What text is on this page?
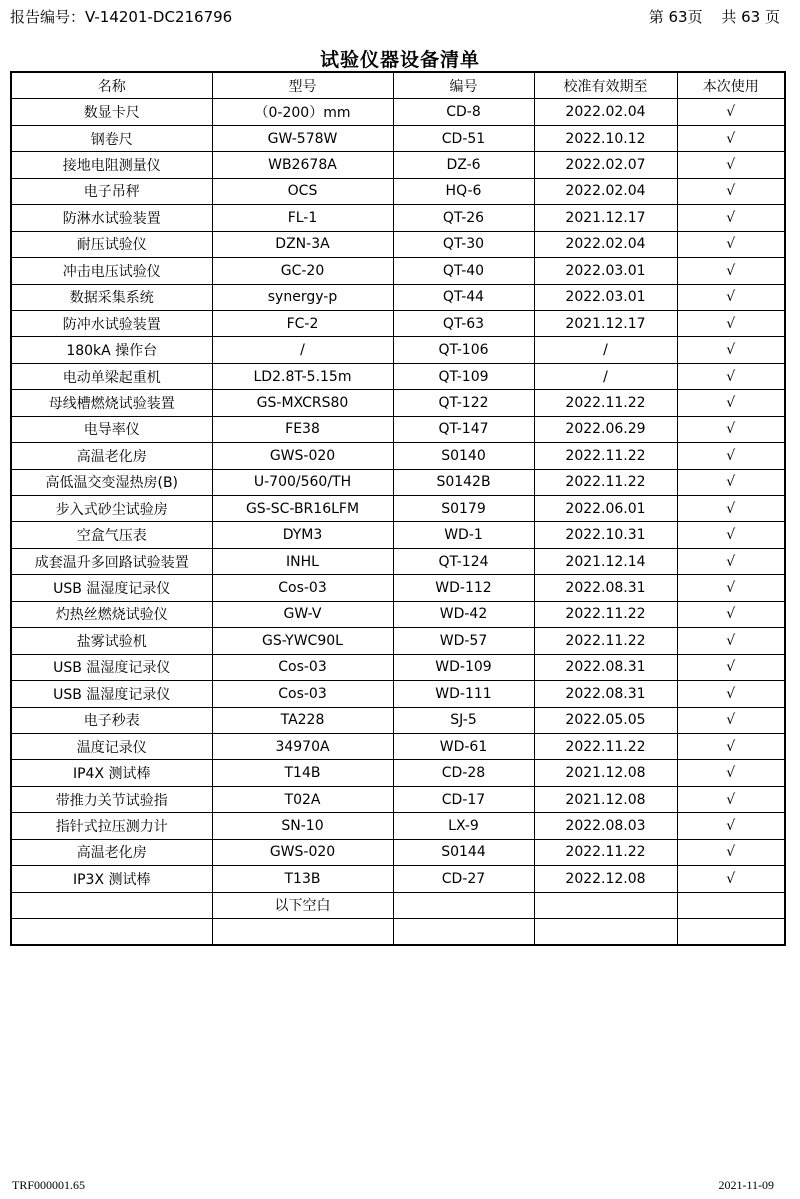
报告编号：V-14201-DC216796	第 63页 共 63 页
试验仪器设备清单
名称	型号	编号	校准有效期至	本次使用
数显卡尺	（0-200）mm	CD-8	2022.02.04	√
钢卷尺	GW-578W	CD-51	2022.10.12	√
接地电阻测量仪	WB2678A	DZ-6	2022.02.07	√
电子吊秤	OCS	HQ-6	2022.02.04	√
防淋水试验装置	FL-1	QT-26	2021.12.17	√
耐压试验仪	DZN-3A	QT-30	2022.02.04	√
冲击电压试验仪	GC-20	QT-40	2022.03.01	√
数据采集系统	synergy-p	QT-44	2022.03.01	√
防冲水试验装置	FC-2	QT-63	2021.12.17	√
180kA 操作台	/	QT-106	/	√
电动单梁起重机	LD2.8T-5.15m	QT-109	/	√
母线槽燃烧试验装置	GS-MXCRS80	QT-122	2022.11.22	√
电导率仪	FE38	QT-147	2022.06.29	√
高温老化房	GWS-020	S0140	2022.11.22	√
高低温交变湿热房(B)	U-700/560/TH	S0142B	2022.11.22	√
步入式砂尘试验房	GS-SC-BR16LFM	S0179	2022.06.01	√
空盒气压表	DYM3	WD-1	2022.10.31	√
成套温升多回路试验装置	INHL	QT-124	2021.12.14	√
USB 温湿度记录仪	Cos-03	WD-112	2022.08.31	√
灼热丝燃烧试验仪	GW-V	WD-42	2022.11.22	√
盐雾试验机	GS-YWC90L	WD-57	2022.11.22	√
USB 温湿度记录仪	Cos-03	WD-109	2022.08.31	√
USB 温湿度记录仪	Cos-03	WD-111	2022.08.31	√
电子秒表	TA228	SJ-5	2022.05.05	√
温度记录仪	34970A	WD-61	2022.11.22	√
IP4X 测试棒	T14B	CD-28	2021.12.08	√
带推力关节试验指	T02A	CD-17	2021.12.08	√
指针式拉压测力计	SN-10	LX-9	2022.08.03	√
高温老化房	GWS-020	S0144	2022.11.22	√
IP3X 测试棒	T13B	CD-27	2022.12.08	√
	以下空白			

TRF000001.65	2021-11-09
